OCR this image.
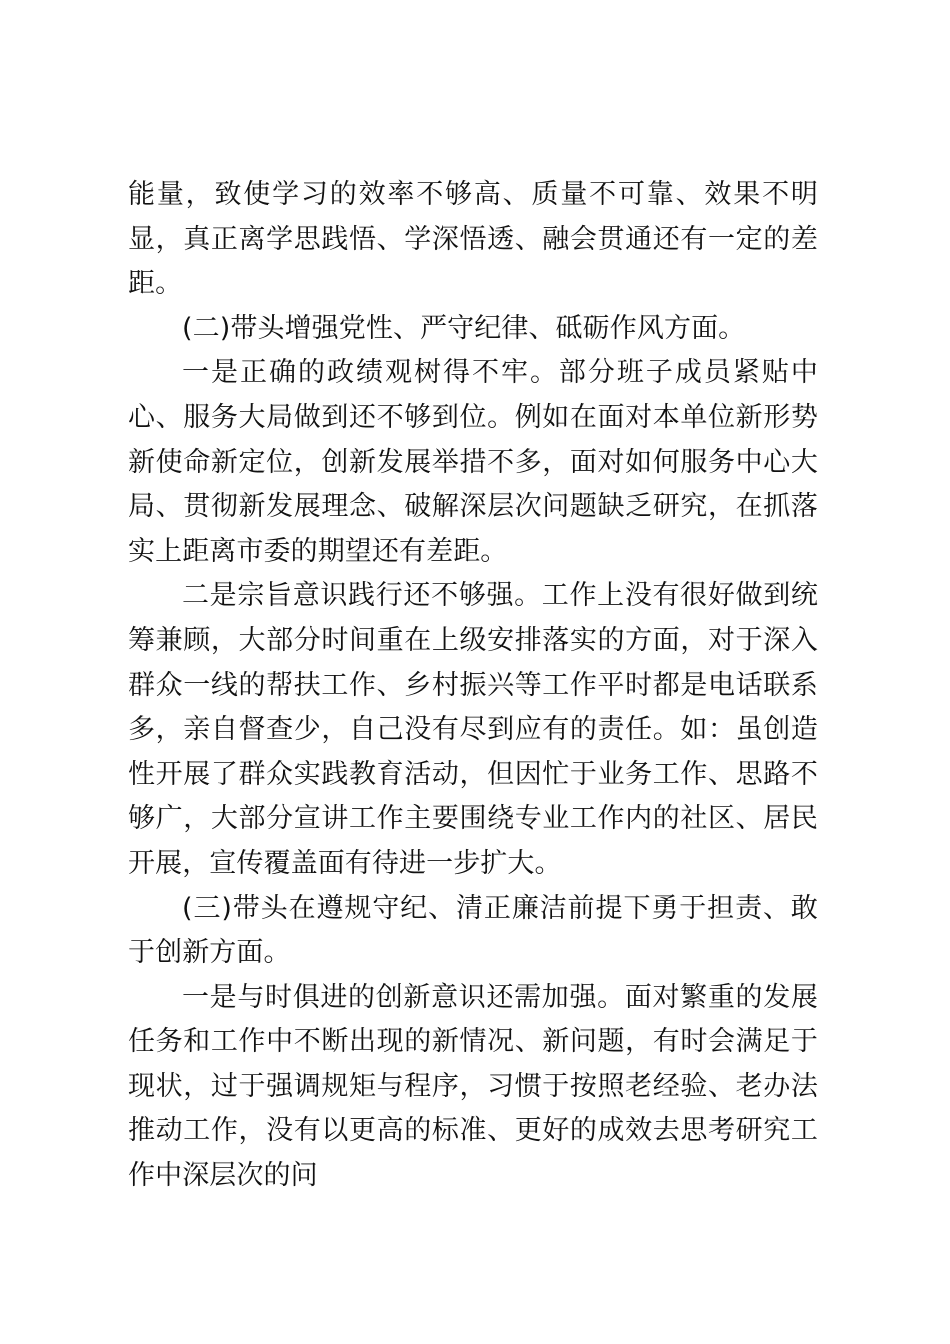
能量，致使学习的效率不够高、质量不可靠、效果不明显，真正离学思践悟、学深悟透、融会贯通还有一定的差距。

(二)带头增强党性、严守纪律、砥砺作风方面。

一是正确的政绩观树得不牢。部分班子成员紧贴中心、服务大局做到还不够到位。例如在面对本单位新形势新使命新定位，创新发展举措不多，面对如何服务中心大局、贯彻新发展理念、破解深层次问题缺乏研究，在抓落实上距离市委的期望还有差距。

二是宗旨意识践行还不够强。工作上没有很好做到统筹兼顾，大部分时间重在上级安排落实的方面，对于深入群众一线的帮扶工作、乡村振兴等工作平时都是电话联系多，亲自督查少，自己没有尽到应有的责任。如：虽创造性开展了群众实践教育活动，但因忙于业务工作、思路不够广，大部分宣讲工作主要围绕专业工作内的社区、居民开展，宣传覆盖面有待进一步扩大。

(三)带头在遵规守纪、清正廉洁前提下勇于担责、敢于创新方面。

一是与时俱进的创新意识还需加强。面对繁重的发展任务和工作中不断出现的新情况、新问题，有时会满足于现状，过于强调规矩与程序，习惯于按照老经验、老办法推动工作，没有以更高的标准、更好的成效去思考研究工作中深层次的问
